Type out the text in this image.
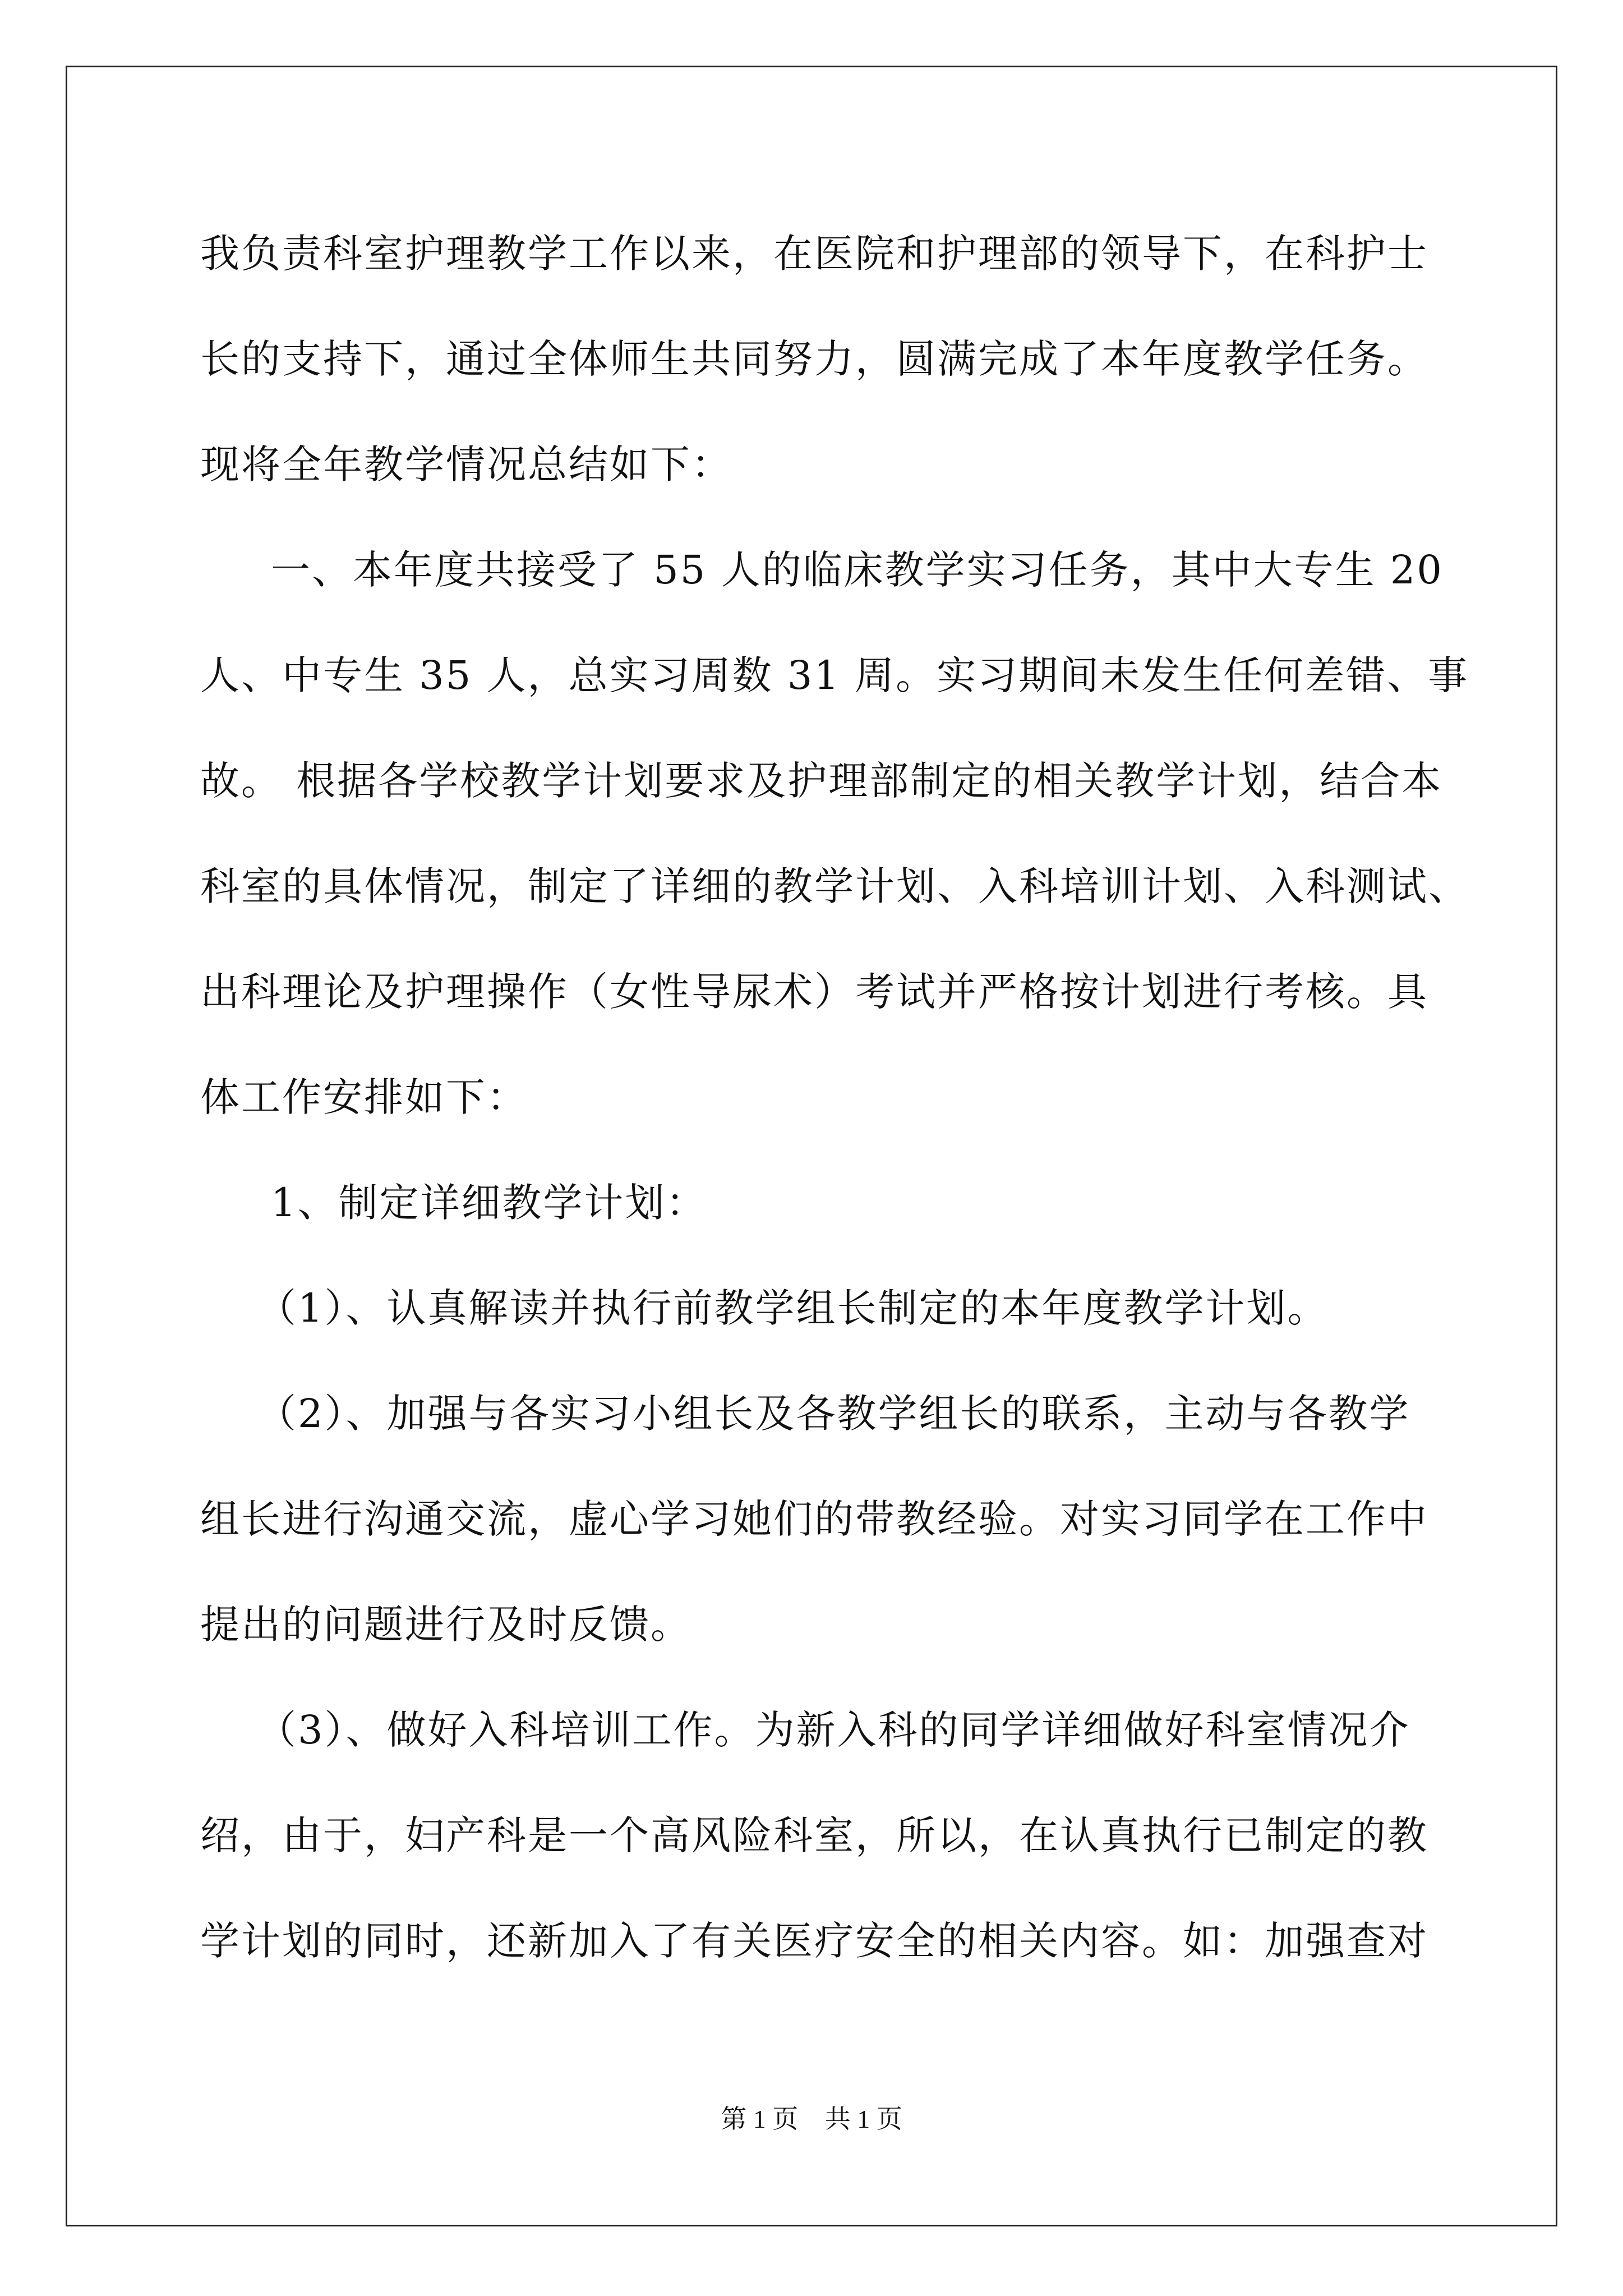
我负责科室护理教学工作以来，在医院和护理部的领导下，在科护士
长的支持下，通过全体师生共同努力，圆满完成了本年度教学任务。
现将全年教学情况总结如下：
一、本年度共接受了 55 人的临床教学实习任务，其中大专生 20
人、中专生 35 人，总实习周数 31 周。实习期间未发生任何差错、事
故。 根据各学校教学计划要求及护理部制定的相关教学计划，结合本
科室的具体情况，制定了详细的教学计划、入科培训计划、入科测试、
出科理论及护理操作（女性导尿术）考试并严格按计划进行考核。具
体工作安排如下：
1、制定详细教学计划：
（1）、认真解读并执行前教学组长制定的本年度教学计划。
（2）、加强与各实习小组长及各教学组长的联系，主动与各教学
组长进行沟通交流，虚心学习她们的带教经验。对实习同学在工作中
提出的问题进行及时反馈。
（3）、做好入科培训工作。为新入科的同学详细做好科室情况介
绍，由于，妇产科是一个高风险科室，所以，在认真执行已制定的教
学计划的同时，还新加入了有关医疗安全的相关内容。如：加强查对
第 1 页 共 1 页
